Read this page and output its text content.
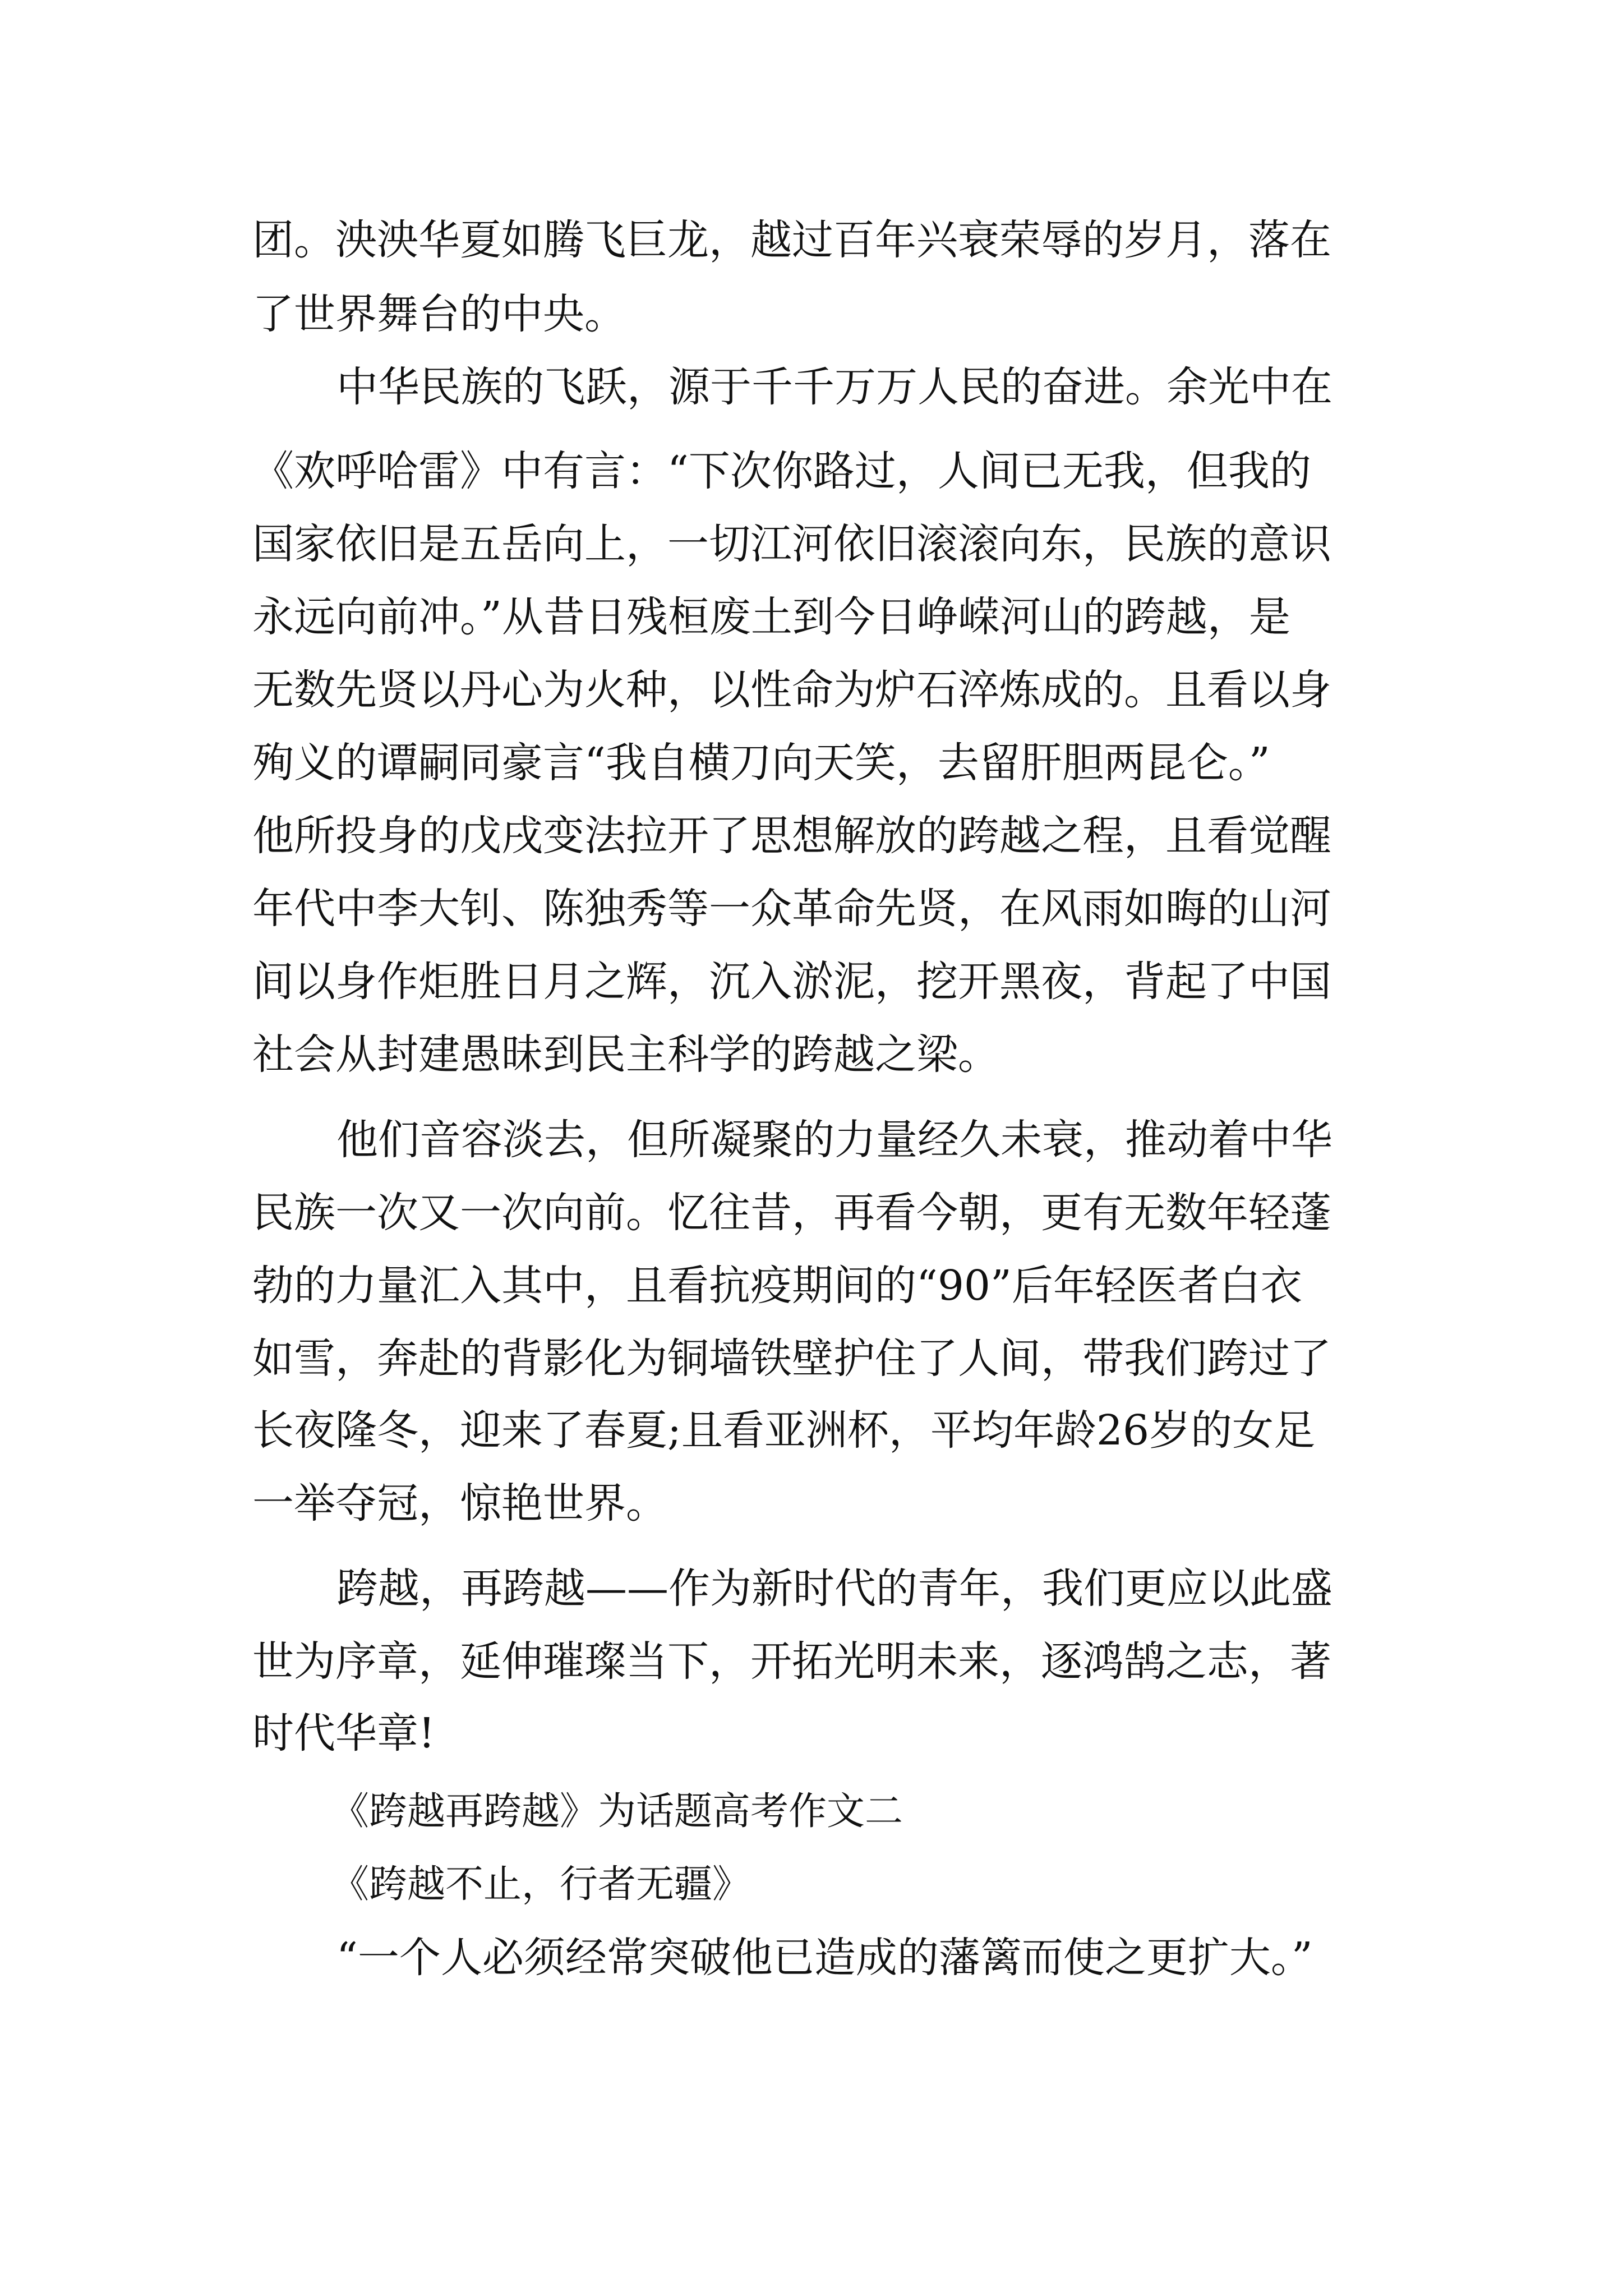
团。泱泱华夏如腾飞巨龙，越过百年兴衰荣辱的岁月，落在
了世界舞台的中央。
中华民族的飞跃，源于千千万万人民的奋进。余光中在
《欢呼哈雷》中有言：“下次你路过，人间已无我，但我的
国家依旧是五岳向上，一切江河依旧滚滚向东，民族的意识
永远向前冲。”从昔日残桓废土到今日峥嵘河山的跨越，是
无数先贤以丹心为火种，以性命为炉石淬炼成的。且看以身
殉义的谭嗣同豪言“我自横刀向天笑，去留肝胆两昆仑。”
他所投身的戊戌变法拉开了思想解放的跨越之程，且看觉醒
年代中李大钊、陈独秀等一众革命先贤，在风雨如晦的山河
间以身作炬胜日月之辉，沉入淤泥，挖开黑夜，背起了中国
社会从封建愚昧到民主科学的跨越之梁。
他们音容淡去，但所凝聚的力量经久未衰，推动着中华
民族一次又一次向前。忆往昔，再看今朝，更有无数年轻蓬
勃的力量汇入其中，且看抗疫期间的“90”后年轻医者白衣
如雪，奔赴的背影化为铜墙铁壁护住了人间，带我们跨过了
长夜隆冬，迎来了春夏;且看亚洲杯，平均年龄26岁的女足
一举夺冠，惊艳世界。
跨越，再跨越——作为新时代的青年，我们更应以此盛
世为序章，延伸璀璨当下，开拓光明未来，逐鸿鹄之志，著
时代华章!
《跨越再跨越》为话题高考作文二
《跨越不止，行者无疆》
“一个人必须经常突破他已造成的藩篱而使之更扩大。”
